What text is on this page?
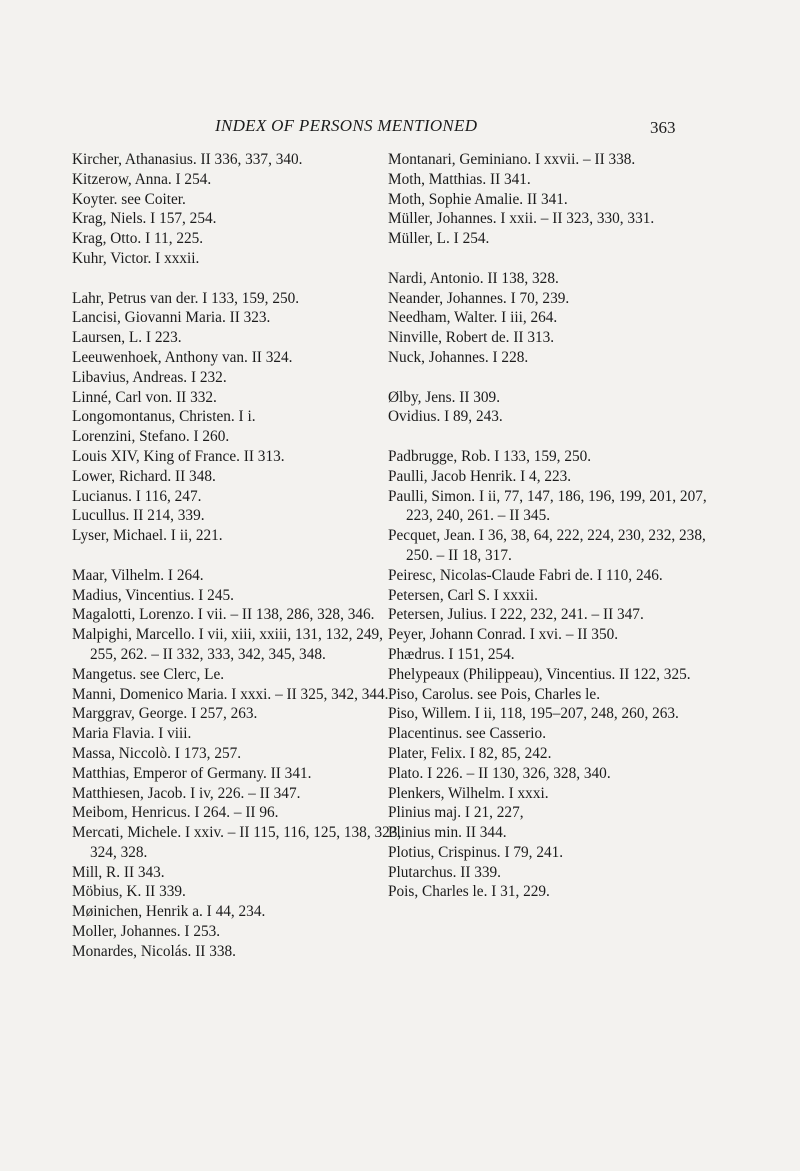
INDEX OF PERSONS MENTIONED	363

Kircher, Athanasius. II 336, 337, 340.

Kitzerow, Anna. I 254.

Koyter. see Coiter.

Krag, Niels. I 157, 254.

Krag, Otto. I 11, 225.

Kuhr, Victor. I xxxii.

Lahr, Petrus van der. I 133, 159, 250.

Lancisi, Giovanni Maria. II 323.

Laursen, L. I 223.

Leeuwenhoek, Anthony van. II 324.

Libavius, Andreas. I 232.

Linné, Carl von. II 332.

Longomontanus, Christen. I i.

Lorenzini, Stefano. I 260.

Louis XIV, King of France. II 313.

Lower, Richard. II 348.

Lucianus. I 116, 247.

Lucullus. II 214, 339.

Lyser, Michael. I ii, 221.

Maar, Vilhelm. I 264.

Madius, Vincentius. I 245.

Magalotti, Lorenzo. I vii. – II 138, 286, 328, 346.

Malpighi, Marcello. I vii, xiii, xxiii, 131, 132, 249, 255, 262. – II 332, 333, 342, 345, 348.

Mangetus. see Clerc, Le.

Manni, Domenico Maria. I xxxi. – II 325, 342, 344.

Marggrav, George. I 257, 263.

Maria Flavia. I viii.

Massa, Niccolò. I 173, 257.

Matthias, Emperor of Germany. II 341.

Matthiesen, Jacob. I iv, 226. – II 347.

Meibom, Henricus. I 264. – II 96.

Mercati, Michele. I xxiv. – II 115, 116, 125, 138, 323, 324, 328.

Mill, R. II 343.

Möbius, K. II 339.

Møinichen, Henrik a. I 44, 234.

Moller, Johannes. I 253.

Monardes, Nicolás. II 338.

Montanari, Geminiano. I xxvii. – II 338.

Moth, Matthias. II 341.

Moth, Sophie Amalie. II 341.

Müller, Johannes. I xxii. – II 323, 330, 331.

Müller, L. I 254.

Nardi, Antonio. II 138, 328.

Neander, Johannes. I 70, 239.

Needham, Walter. I iii, 264.

Ninville, Robert de. II 313.

Nuck, Johannes. I 228.

Ølby, Jens. II 309.

Ovidius. I 89, 243.

Padbrugge, Rob. I 133, 159, 250.

Paulli, Jacob Henrik. I 4, 223.

Paulli, Simon. I ii, 77, 147, 186, 196, 199, 201, 207, 223, 240, 261. – II 345.

Pecquet, Jean. I 36, 38, 64, 222, 224, 230, 232, 238, 250. – II 18, 317.

Peiresc, Nicolas-Claude Fabri de. I 110, 246.

Petersen, Carl S. I xxxii.

Petersen, Julius. I 222, 232, 241. – II 347.

Peyer, Johann Conrad. I xvi. – II 350.

Phædrus. I 151, 254.

Phelypeaux (Philippeau), Vincentius. II 122, 325.

Piso, Carolus. see Pois, Charles le.

Piso, Willem. I ii, 118, 195–207, 248, 260, 263.

Placentinus. see Casserio.

Plater, Felix. I 82, 85, 242.

Plato. I 226. – II 130, 326, 328, 340.

Plenkers, Wilhelm. I xxxi.

Plinius maj. I 21, 227,

Plinius min. II 344.

Plotius, Crispinus. I 79, 241.

Plutarchus. II 339.

Pois, Charles le. I 31, 229.
